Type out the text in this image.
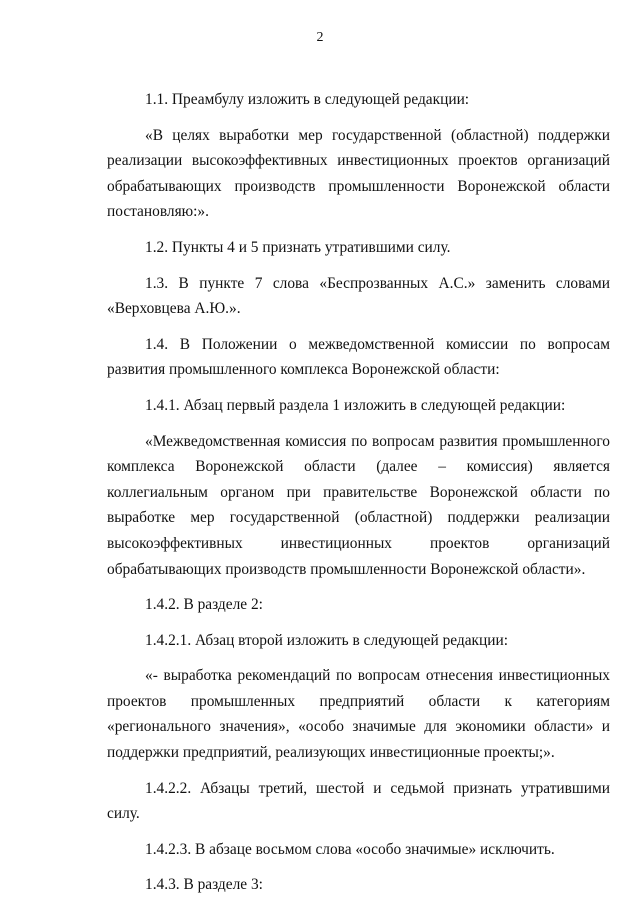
2

1.1. Преамбулу изложить в следующей редакции:

«В целях выработки мер государственной (областной) поддержки реализации высокоэффективных инвестиционных проектов организаций обрабатывающих производств промышленности Воронежской области постановляю:».

1.2. Пункты 4 и 5 признать утратившими силу.

1.3. В пункте 7 слова «Беспрозванных А.С.» заменить словами «Верховцева А.Ю.».

1.4. В Положении о межведомственной комиссии по вопросам развития промышленного комплекса Воронежской области:

1.4.1. Абзац первый раздела 1 изложить в следующей редакции:

«Межведомственная комиссия по вопросам развития промышленного комплекса Воронежской области (далее – комиссия) является коллегиальным органом при правительстве Воронежской области по выработке мер государственной (областной) поддержки реализации высокоэффективных инвестиционных проектов организаций обрабатывающих производств промышленности Воронежской области».

1.4.2. В разделе 2:

1.4.2.1. Абзац второй изложить в следующей редакции:

«- выработка рекомендаций по вопросам отнесения инвестиционных проектов промышленных предприятий области к категориям «регионального значения», «особо значимые для экономики области» и поддержки предприятий, реализующих инвестиционные проекты;».

1.4.2.2. Абзацы третий, шестой и седьмой признать утратившими силу.

1.4.2.3. В абзаце восьмом слова «особо значимые» исключить.

1.4.3. В разделе 3:
